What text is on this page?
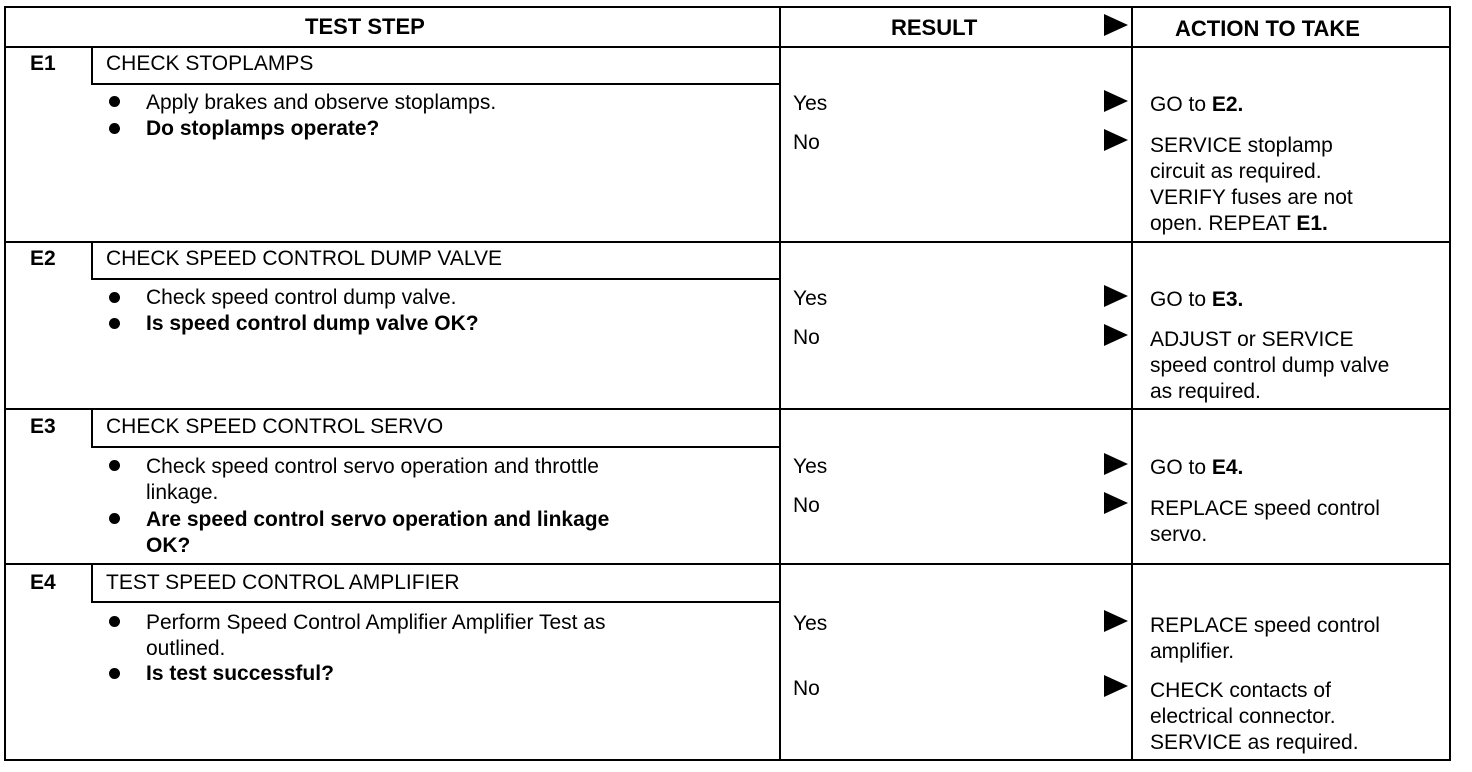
TEST STEP	RESULT	ACTION TO TAKE
E1 CHECK STOPLAMPS
Apply brakes and observe stoplamps.
Do stoplamps operate?
Yes
No
GO to E2.
SERVICE stoplamp
circuit as required.
VERIFY fuses are not
open. REPEAT E1.
E2 CHECK SPEED CONTROL DUMP VALVE
Check speed control dump valve.
Is speed control dump valve OK?
Yes
No
GO to E3.
ADJUST or SERVICE
speed control dump valve
as required.
E3 CHECK SPEED CONTROL SERVO
Check speed control servo operation and throttle
linkage.
Are speed control servo operation and linkage
OK?
Yes
No
GO to E4.
REPLACE speed control
servo.
E4 TEST SPEED CONTROL AMPLIFIER
Perform Speed Control Amplifier Amplifier Test as
outlined.
Is test successful?
Yes
No
REPLACE speed control
amplifier.
CHECK contacts of
electrical connector.
SERVICE as required.
